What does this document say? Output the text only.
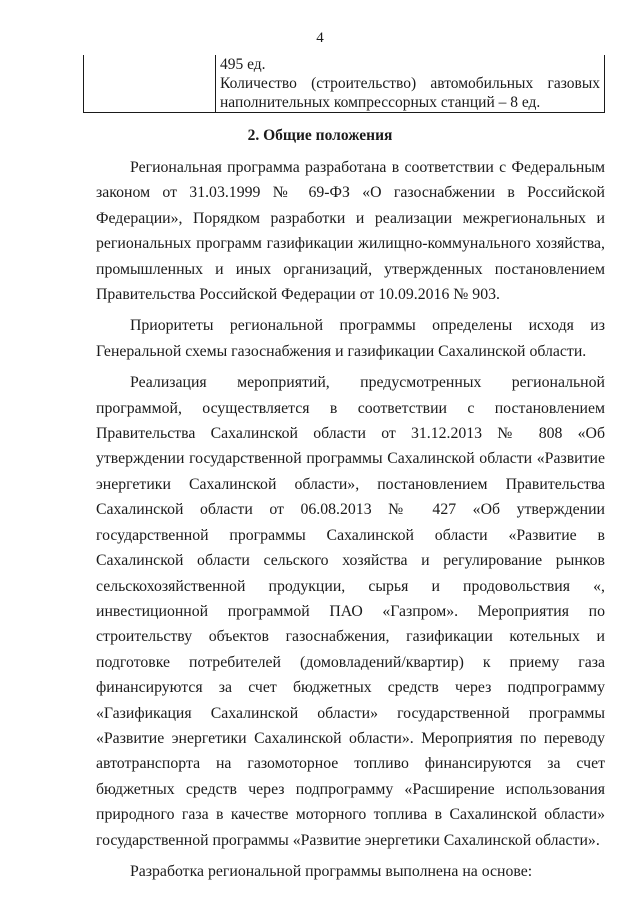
4

495 ед.
Количество (строительство) автомобильных газовых
наполнительных компрессорных станций – 8 ед.
2. Общие положения

Региональная программа разработана в соответствии с Федеральным законом от 31.03.1999 № 69-ФЗ «О газоснабжении в Российской Федерации», Порядком разработки и реализации межрегиональных и региональных программ газификации жилищно-коммунального хозяйства, промышленных и иных организаций, утвержденных постановлением Правительства Российской Федерации от 10.09.2016 № 903.

Приоритеты региональной программы определены исходя из Генеральной схемы газоснабжения и газификации Сахалинской области.

Реализация мероприятий, предусмотренных региональной программой, осуществляется в соответствии с постановлением Правительства Сахалинской области от 31.12.2013 № 808 «Об утверждении государственной программы Сахалинской области «Развитие энергетики Сахалинской области», постановлением Правительства Сахалинской области от 06.08.2013 № 427 «Об утверждении государственной программы Сахалинской области «Развитие в Сахалинской области сельского хозяйства и регулирование рынков сельскохозяйственной продукции, сырья и продовольствия «, инвестиционной программой ПАО «Газпром». Мероприятия по строительству объектов газоснабжения, газификации котельных и подготовке потребителей (домовладений/квартир) к приему газа финансируются за счет бюджетных средств через подпрограмму «Газификация Сахалинской области» государственной программы «Развитие энергетики Сахалинской области». Мероприятия по переводу автотранспорта на газомоторное топливо финансируются за счет бюджетных средств через подпрограмму «Расширение использования природного газа в качестве моторного топлива в Сахалинской области» государственной программы «Развитие энергетики Сахалинской области».

Разработка региональной программы выполнена на основе:
